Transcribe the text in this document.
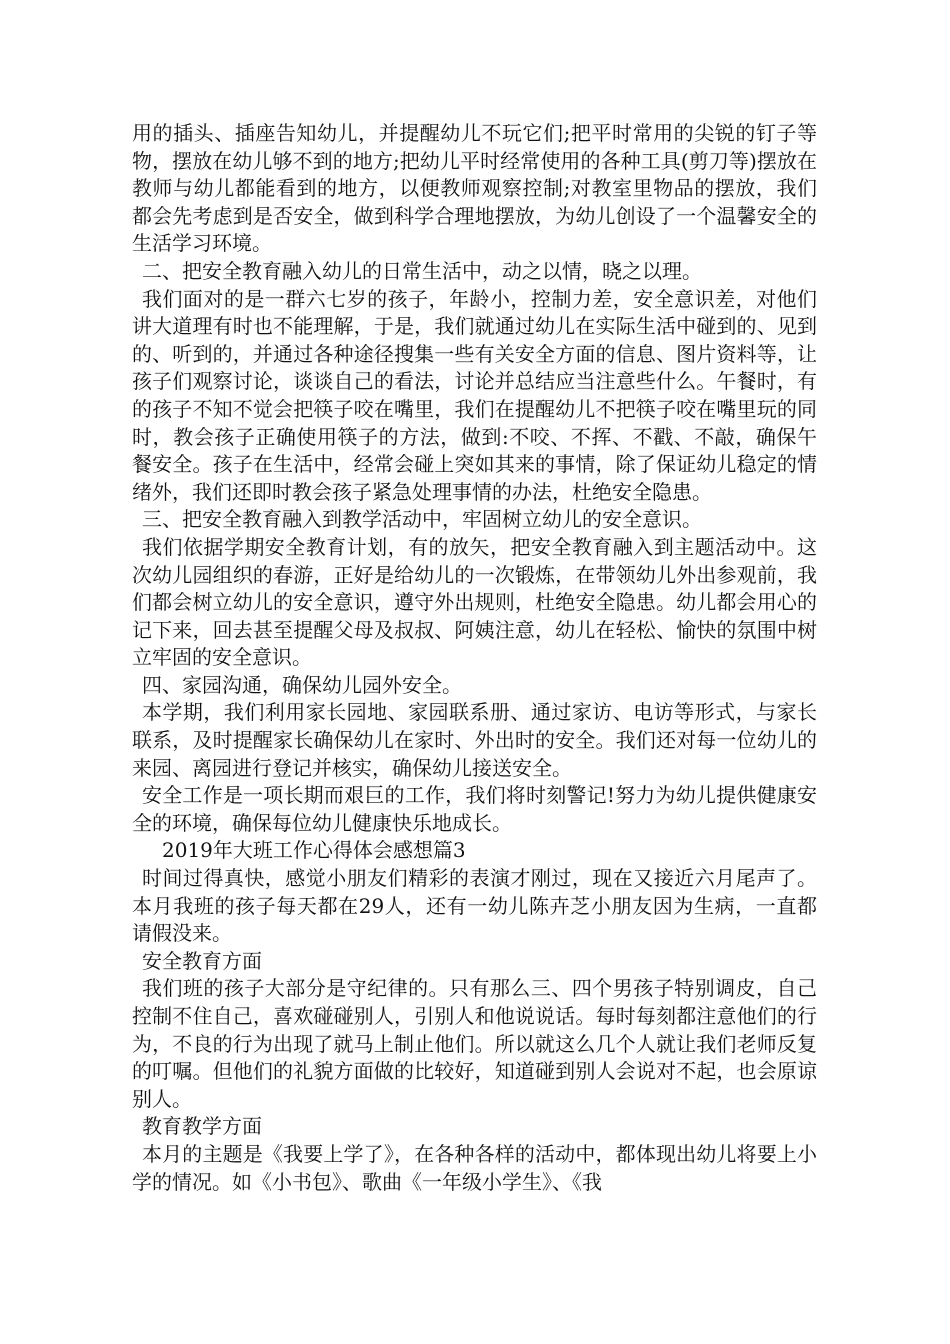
用的插头、插座告知幼儿，并提醒幼儿不玩它们;把平时常用的尖锐的钉子等物，摆放在幼儿够不到的地方;把幼儿平时经常使用的各种工具(剪刀等)摆放在教师与幼儿都能看到的地方，以便教师观察控制;对教室里物品的摆放，我们都会先考虑到是否安全，做到科学合理地摆放，为幼儿创设了一个温馨安全的生活学习环境。

二、把安全教育融入幼儿的日常生活中，动之以情，晓之以理。

我们面对的是一群六七岁的孩子，年龄小，控制力差，安全意识差，对他们讲大道理有时也不能理解，于是，我们就通过幼儿在实际生活中碰到的、见到的、听到的，并通过各种途径搜集一些有关安全方面的信息、图片资料等，让孩子们观察讨论，谈谈自己的看法，讨论并总结应当注意些什么。午餐时，有的孩子不知不觉会把筷子咬在嘴里，我们在提醒幼儿不把筷子咬在嘴里玩的同时，教会孩子正确使用筷子的方法，做到:不咬、不挥、不戳、不敲，确保午餐安全。孩子在生活中，经常会碰上突如其来的事情，除了保证幼儿稳定的情绪外，我们还即时教会孩子紧急处理事情的办法，杜绝安全隐患。

三、把安全教育融入到教学活动中，牢固树立幼儿的安全意识。

我们依据学期安全教育计划，有的放矢，把安全教育融入到主题活动中。这次幼儿园组织的春游，正好是给幼儿的一次锻炼，在带领幼儿外出参观前，我们都会树立幼儿的安全意识，遵守外出规则，杜绝安全隐患。幼儿都会用心的记下来，回去甚至提醒父母及叔叔、阿姨注意，幼儿在轻松、愉快的氛围中树立牢固的安全意识。

四、家园沟通，确保幼儿园外安全。

本学期，我们利用家长园地、家园联系册、通过家访、电访等形式，与家长联系，及时提醒家长确保幼儿在家时、外出时的安全。我们还对每一位幼儿的来园、离园进行登记并核实，确保幼儿接送安全。

安全工作是一项长期而艰巨的工作，我们将时刻警记!努力为幼儿提供健康安全的环境，确保每位幼儿健康快乐地成长。

2019年大班工作心得体会感想篇3

时间过得真快，感觉小朋友们精彩的表演才刚过，现在又接近六月尾声了。本月我班的孩子每天都在29人，还有一幼儿陈卉芝小朋友因为生病，一直都请假没来。

安全教育方面

我们班的孩子大部分是守纪律的。只有那么三、四个男孩子特别调皮，自己控制不住自己，喜欢碰碰别人，引别人和他说说话。每时每刻都注意他们的行为，不良的行为出现了就马上制止他们。所以就这么几个人就让我们老师反复的叮嘱。但他们的礼貌方面做的比较好，知道碰到别人会说对不起，也会原谅别人。

教育教学方面

本月的主题是《我要上学了》，在各种各样的活动中，都体现出幼儿将要上小学的情况。如《小书包》、歌曲《一年级小学生》、《我
